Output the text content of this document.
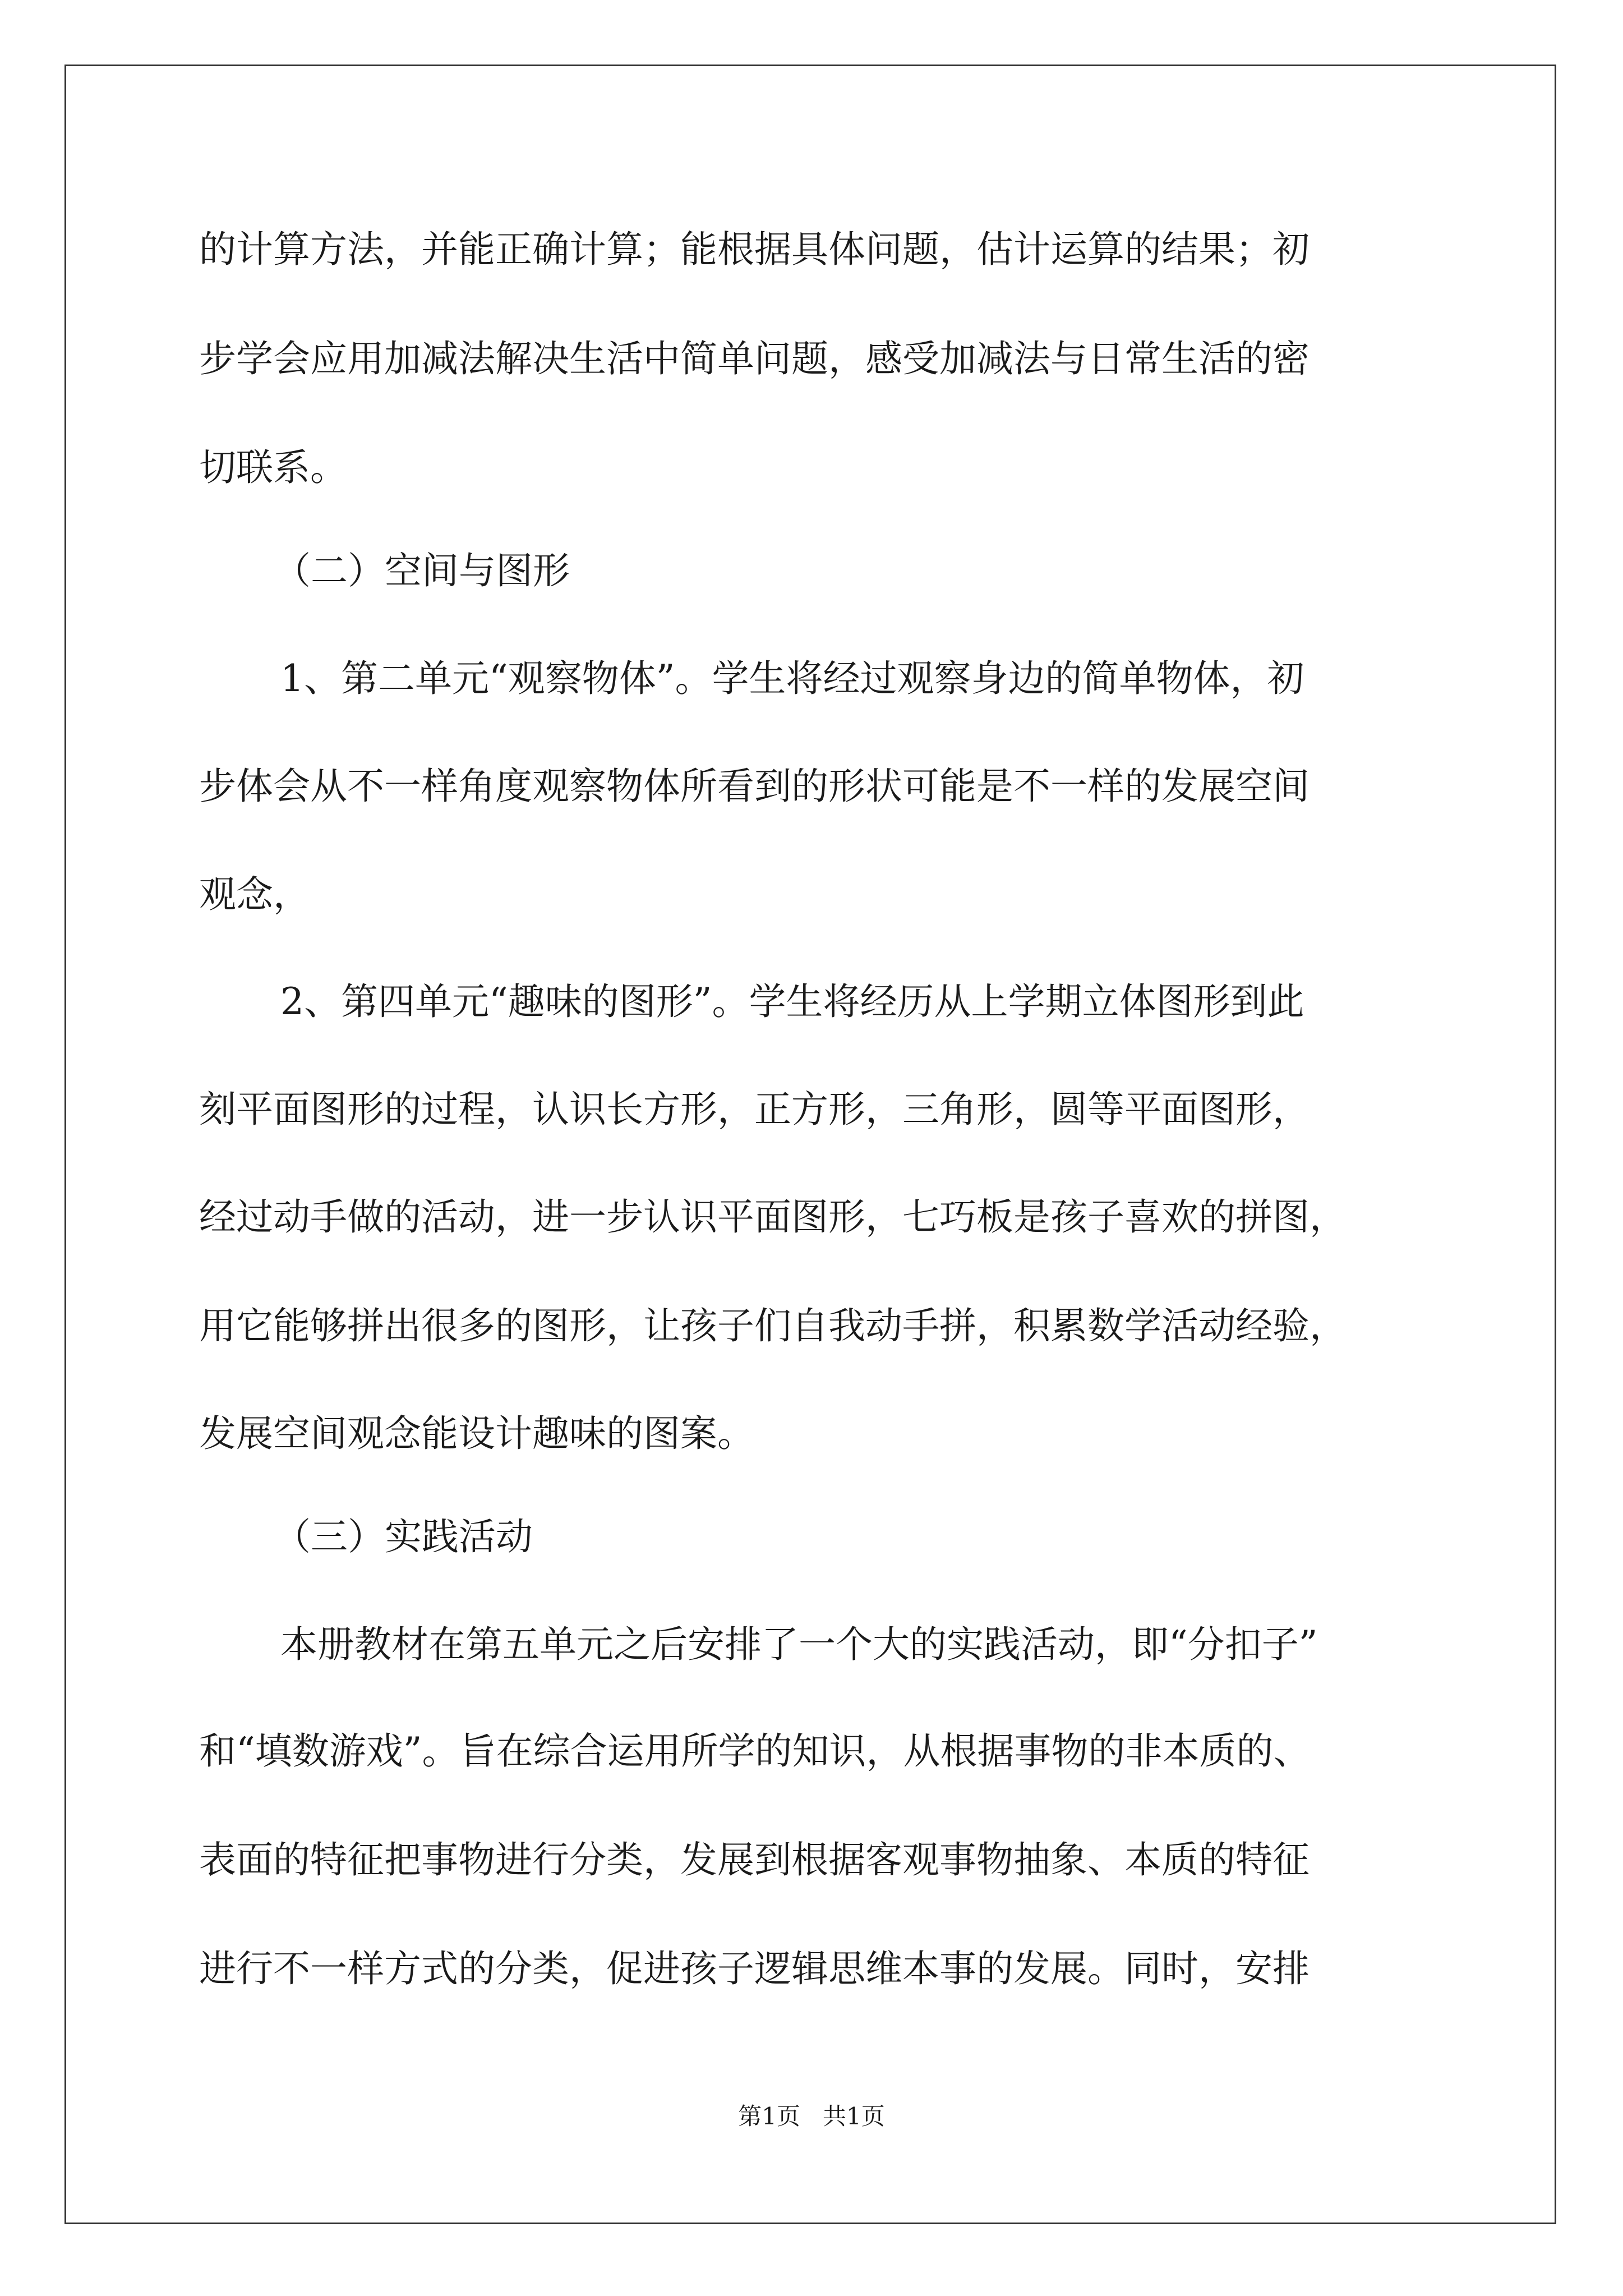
的计算方法，并能正确计算；能根据具体问题，估计运算的结果；初
步学会应用加减法解决生活中简单问题，感受加减法与日常生活的密
切联系。
（二）空间与图形
1、第二单元“观察物体”。学生将经过观察身边的简单物体，初
步体会从不一样角度观察物体所看到的形状可能是不一样的发展空间
观念，
2、第四单元“趣味的图形”。学生将经历从上学期立体图形到此
刻平面图形的过程，认识长方形，正方形，三角形，圆等平面图形，
经过动手做的活动，进一步认识平面图形，七巧板是孩子喜欢的拼图，
用它能够拼出很多的图形，让孩子们自我动手拼，积累数学活动经验，
发展空间观念能设计趣味的图案。
（三）实践活动
本册教材在第五单元之后安排了一个大的实践活动，即“分扣子”
和“填数游戏”。旨在综合运用所学的知识，从根据事物的非本质的、
表面的特征把事物进行分类，发展到根据客观事物抽象、本质的特征
进行不一样方式的分类，促进孩子逻辑思维本事的发展。同时，安排
第1页   共1页
